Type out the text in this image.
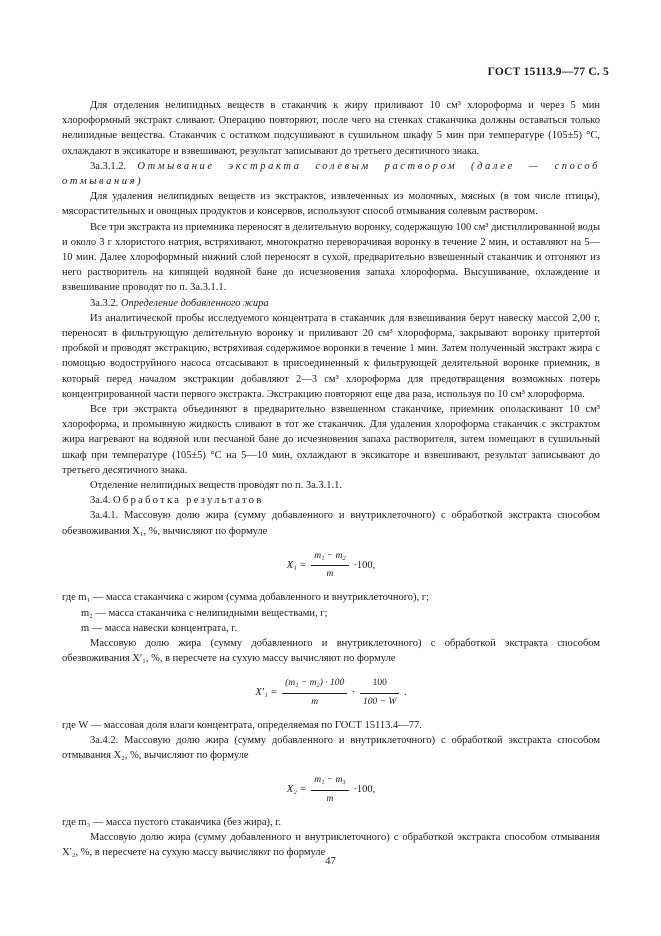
ГОСТ 15113.9—77 С. 5

Для отделения нелипидных веществ в стаканчик к жиру приливают 10 см³ хлороформа и через 5 мин хлороформный экстракт сливают. Операцию повторяют, после чего на стенках стаканчика должны оставаться только нелипидные вещества. Стаканчик с остатком подсушивают в сушильном шкафу 5 мин при температуре (105±5) °С, охлаждают в эксикаторе и взвешивают, результат записывают до третьего десятичного знака.

3а.3.1.2. Отмывание экстракта солевым раствором (далее — способ отмывания)

Для удаления нелипидных веществ из экстрактов, извлеченных из молочных, мясных (в том числе птицы), мясорастительных и овощных продуктов и консервов, используют способ отмывания солевым раствором.

Все три экстракта из приемника переносят в делительную воронку, содержащую 100 см³ дистиллированной воды и около 3 г хлористого натрия, встряхивают, многократно переворачивая воронку в течение 2 мин, и оставляют на 5—10 мин. Далее хлороформный нижний слой переносят в сухой, предварительно взвешенный стаканчик и отгоняют из него растворитель на кипящей водяной бане до исчезновения запаха хлороформа. Высушивание, охлаждение и взвешивание проводят по п. 3а.3.1.1.

3а.3.2. Определение добавленного жира

Из аналитической пробы исследуемого концентрата в стаканчик для взвешивания берут навеску массой 2,00 г, переносят в фильтрующую делительную воронку и приливают 20 см³ хлороформа, закрывают воронку притертой пробкой и проводят экстракцию, встряхивая содержимое воронки в течение 1 мин. Затем полученный экстракт жира с помощью водоструйного насоса отсасывают в присоединенный к фильтрующей делительной воронке приемник, в который перед началом экстракции добавляют 2—3 см³ хлороформа для предотвращения возможных потерь концентрированной части первого экстракта. Экстракцию повторяют еще два раза, используя по 10 см³ хлороформа.

Все три экстракта объединяют в предварительно взвешенном стаканчике, приемник ополаскивают 10 см³ хлороформа, и промывную жидкость сливают в тот же стаканчик. Для удаления хлороформа стаканчик с экстрактом жира нагревают на водяной или песчаной бане до исчезновения запаха растворителя, затем помещают в сушильный шкаф при температуре (105±5) °С на 5—10 мин, охлаждают в эксикаторе и взвешивают, результат записывают до третьего десятичного знака.

Отделение нелипидных веществ проводят по п. 3а.3.1.1.

3а.4. Обработка результатов

3а.4.1. Массовую долю жира (сумму добавленного и внутриклеточного) с обработкой экстракта способом обезвоживания X₁, %, вычисляют по формуле

$X_1 = \frac{\text{m₁ − m₂}}{m} \cdot 100$,
где m₁ — масса стаканчика с жиром (суммa добавленного и внутриклеточного), г;
m₂ — масса стаканчика с нелипидными веществами, г;
m — масса навески концентрата, г.

Массовую долю жира (сумму добавленного и внутриклеточного) с обработкой экстракта способом обезвоживания X′₁, %, в пересчете на сухую массу вычисляют по формуле

$X'_1 = \frac{\text{(m₁ − m₂) · 100}}{m} \cdot \frac{100}{100 - W}$ .

где W — массовая доля влаги концентрата, определяемая по ГОСТ 15113.4—77.

3а.4.2. Массовую долю жира (сумму добавленного и внутриклеточного) с обработкой экстракта способом отмывания X₂, %, вычисляют по формуле

$X_2 = \frac{\text{m₁ − m₃}}{m} \cdot 100$,

где m₃ — масса пустого стаканчика (без жира), г.

Массовую долю жира (сумму добавленного и внутриклеточного) с обработкой экстракта способом отмывания X′₂, %, в пересчете на сухую массу вычисляют по формуле

47
